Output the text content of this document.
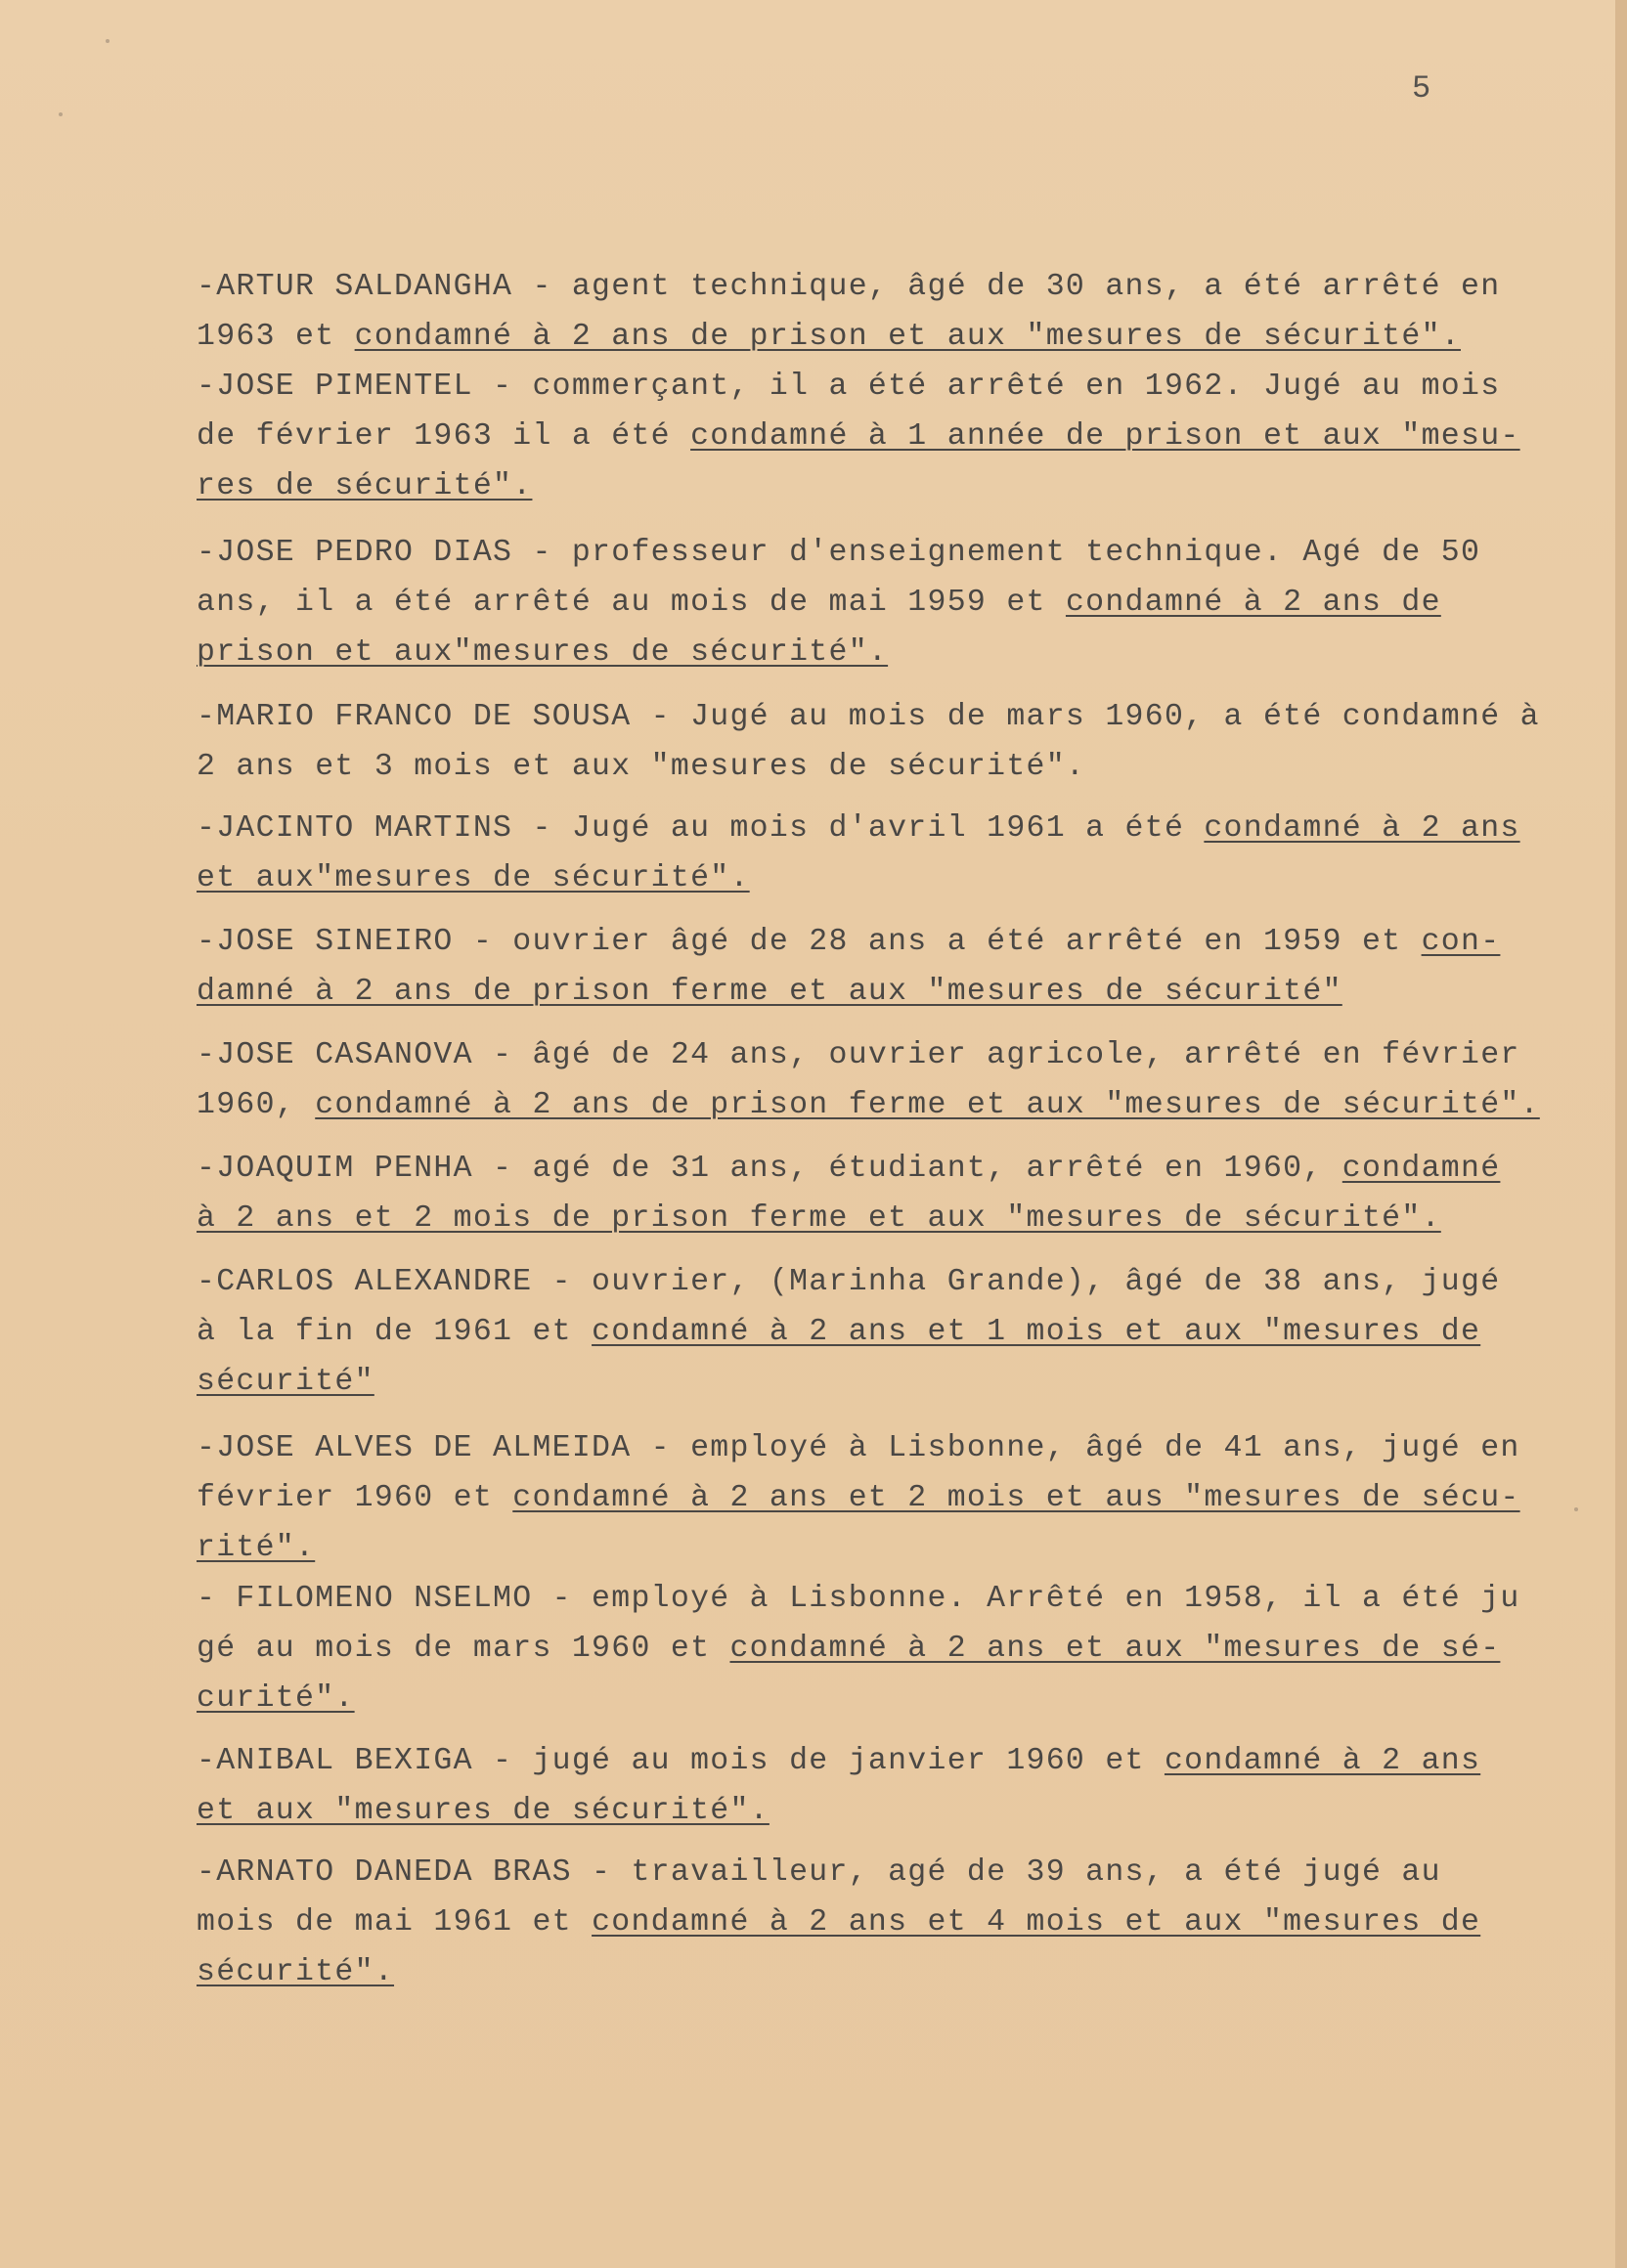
5
-ARTUR SALDANGHA - agent technique, âgé de 30 ans, a été arrêté en
1963 et condamné à 2 ans de prison et aux "mesures de sécurité".
-JOSE PIMENTEL - commerçant, il a été arrêté en 1962. Jugé au mois
de février 1963 il a été condamné à 1 année de prison et aux "mesu-
res de sécurité".
-JOSE PEDRO DIAS - professeur d'enseignement technique. Agé de 50
ans, il a été arrêté au mois de mai 1959 et condamné à 2 ans de
prison et aux"mesures de sécurité".
-MARIO FRANCO DE SOUSA - Jugé au mois de mars 1960, a été condamné à
2 ans et 3 mois et aux "mesures de sécurité".
-JACINTO MARTINS - Jugé au mois d'avril 1961 a été condamné à 2 ans
et aux"mesures de sécurité".
-JOSE SINEIRO - ouvrier âgé de 28 ans a été arrêté en 1959 et con-
damné à 2 ans de prison ferme et aux "mesures de sécurité"
-JOSE CASANOVA - âgé de 24 ans, ouvrier agricole, arrêté en février
1960, condamné à 2 ans de prison ferme et aux "mesures de sécurité".
-JOAQUIM PENHA - agé de 31 ans, étudiant, arrêté en 1960, condamné
à 2 ans et 2 mois de prison ferme et aux "mesures de sécurité".
-CARLOS ALEXANDRE - ouvrier, (Marinha Grande), âgé de 38 ans, jugé
à la fin de 1961 et condamné à 2 ans et 1 mois et aux "mesures de
sécurité"
-JOSE ALVES DE ALMEIDA - employé à Lisbonne, âgé de 41 ans, jugé en
février 1960 et condamné à 2 ans et 2 mois et aus "mesures de sécu-
rité".
- FILOMENO NSELMO - employé à Lisbonne. Arrêté en 1958, il a été ju
gé au mois de mars 1960 et condamné à 2 ans et aux "mesures de sé-
curité".
-ANIBAL BEXIGA - jugé au mois de janvier 1960 et condamné à 2 ans
et aux "mesures de sécurité".
-ARNATO DANEDA BRAS - travailleur, agé de 39 ans, a été jugé au
mois de mai 1961 et condamné à 2 ans et 4 mois et aux "mesures de
sécurité".
